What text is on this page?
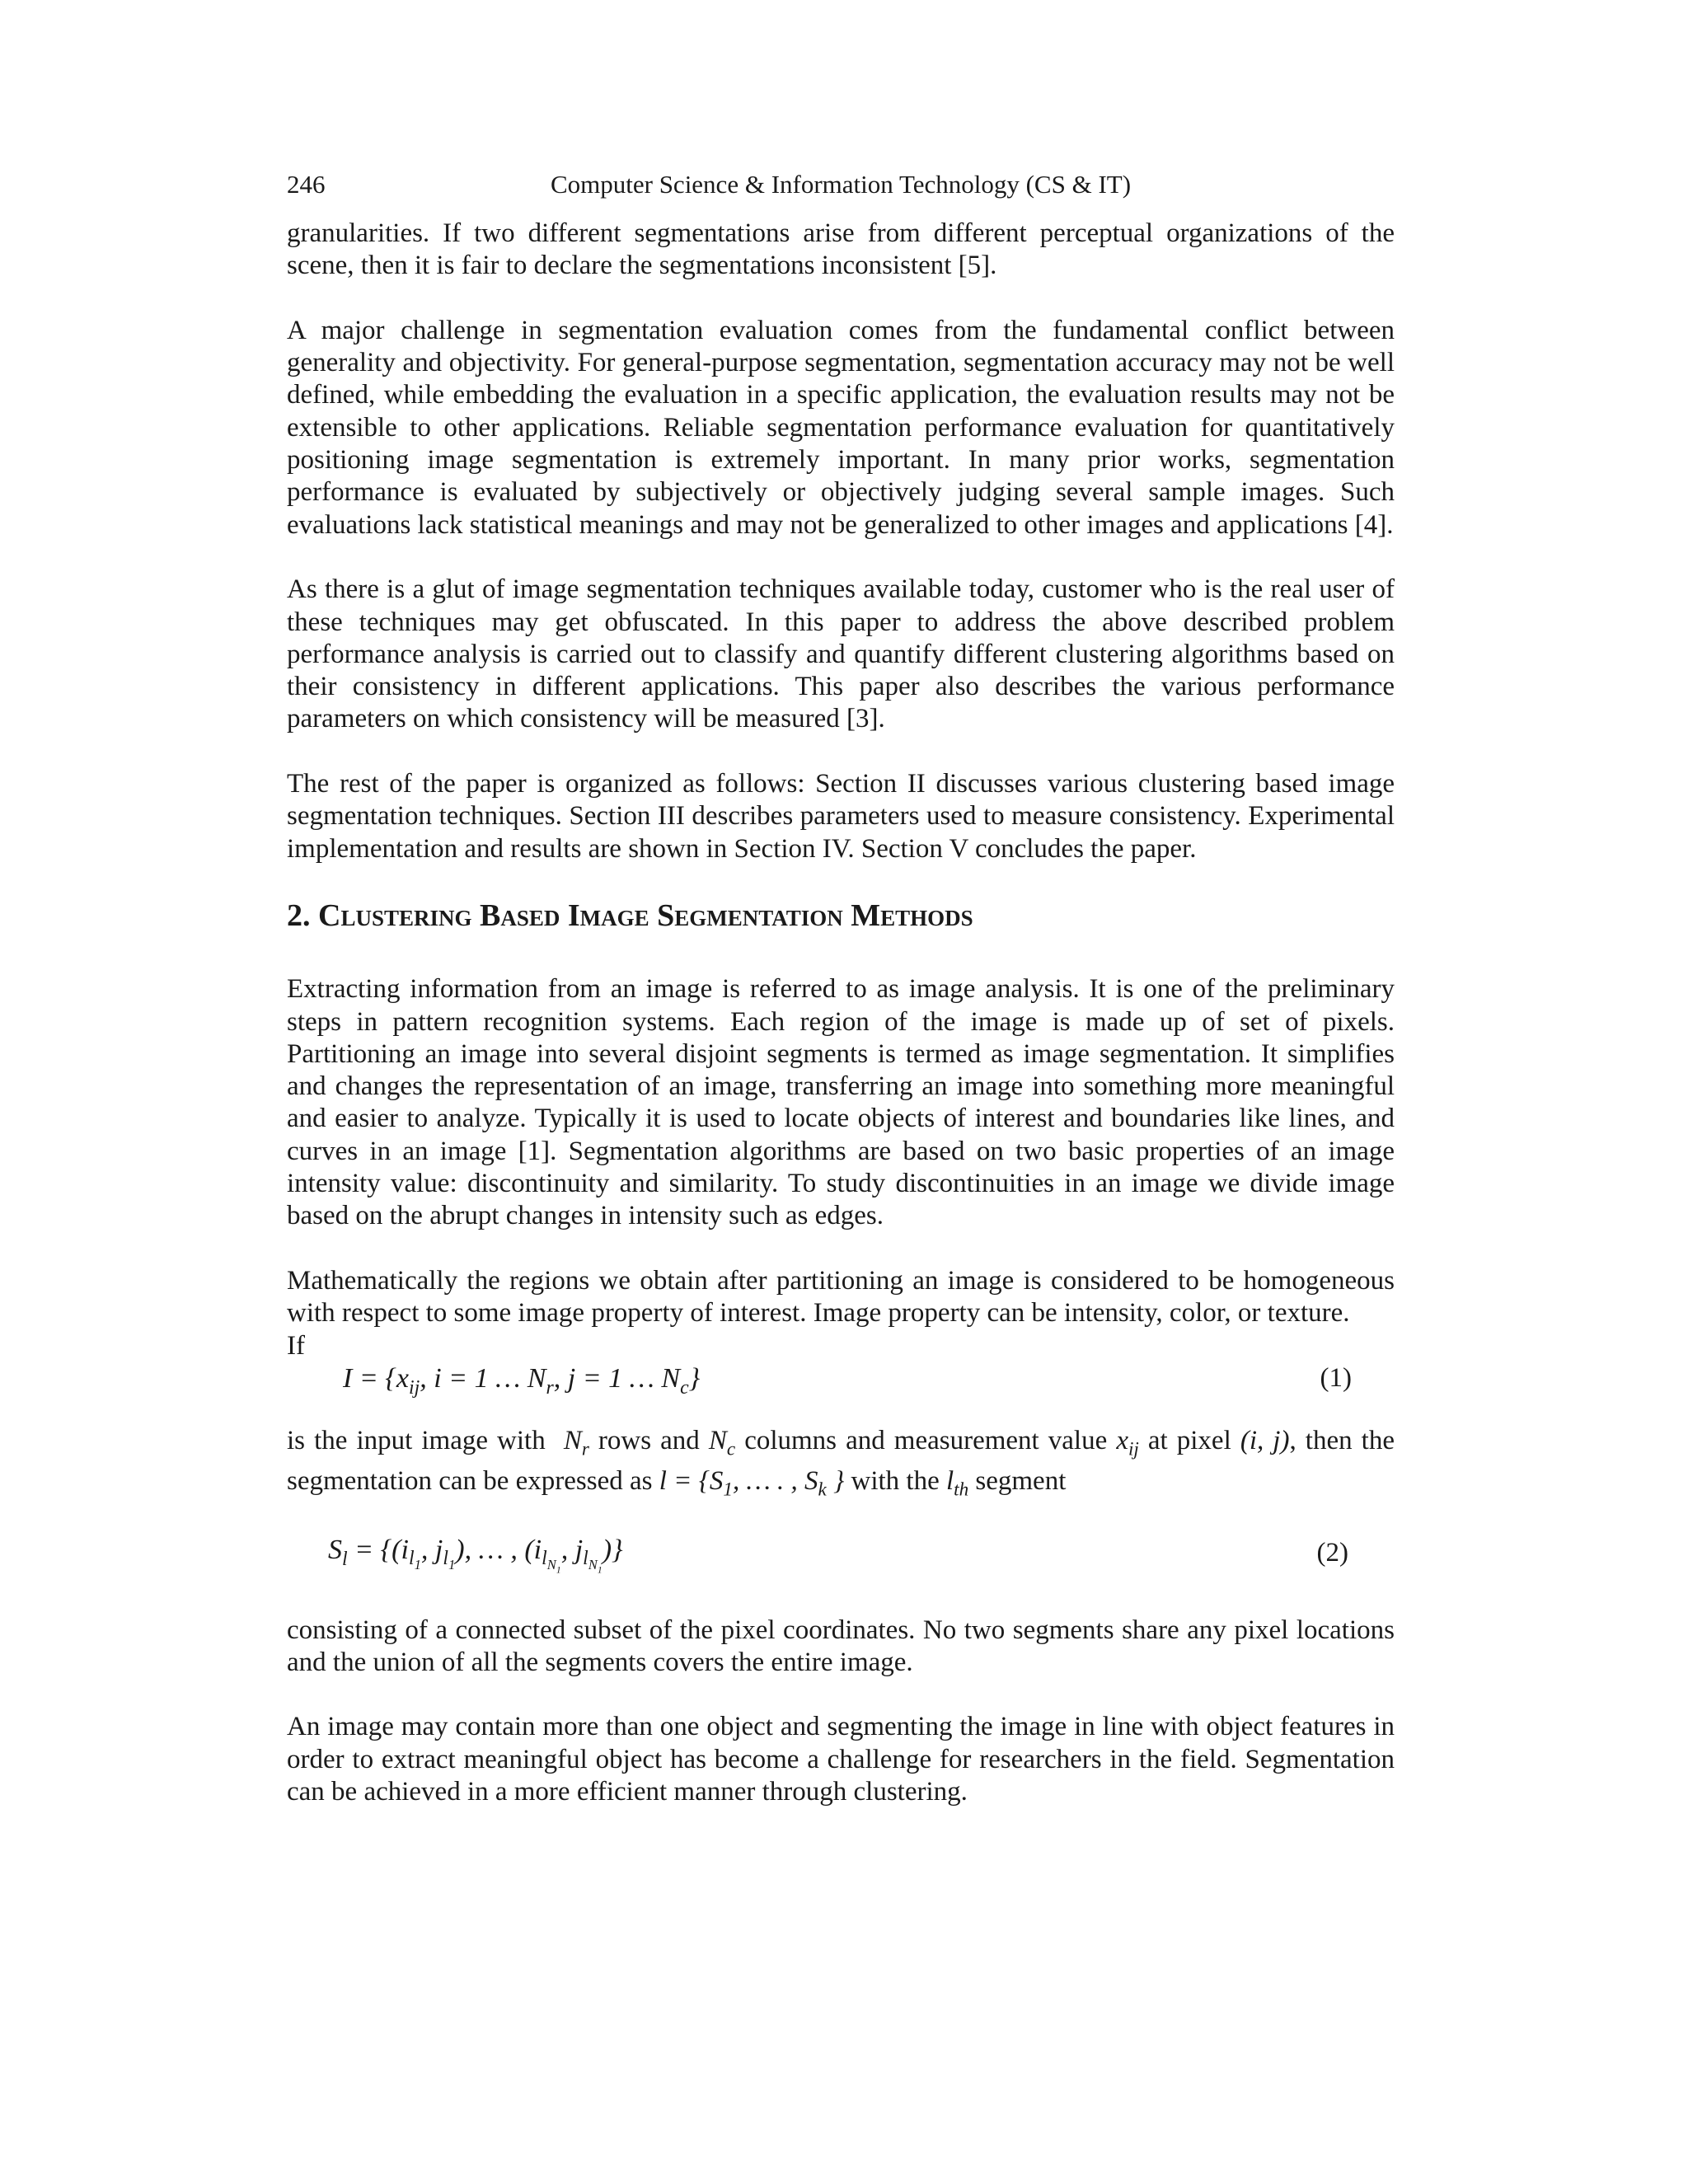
246	Computer Science & Information Technology (CS & IT)

granularities. If two different segmentations arise from different perceptual organizations of the scene, then it is fair to declare the segmentations inconsistent [5].

A major challenge in segmentation evaluation comes from the fundamental conflict between generality and objectivity. For general-purpose segmentation, segmentation accuracy may not be well defined, while embedding the evaluation in a specific application, the evaluation results may not be extensible to other applications. Reliable segmentation performance evaluation for quantitatively positioning image segmentation is extremely important. In many prior works, segmentation performance is evaluated by subjectively or objectively judging several sample images. Such evaluations lack statistical meanings and may not be generalized to other images and applications [4].

As there is a glut of image segmentation techniques available today, customer who is the real user of these techniques may get obfuscated. In this paper to address the above described problem performance analysis is carried out to classify and quantify different clustering algorithms based on their consistency in different applications. This paper also describes the various performance parameters on which consistency will be measured [3].

The rest of the paper is organized as follows: Section II discusses various clustering based image segmentation techniques. Section III describes parameters used to measure consistency. Experimental implementation and results are shown in Section IV. Section V concludes the paper.

2. Clustering Based Image Segmentation Methods

Extracting information from an image is referred to as image analysis. It is one of the preliminary steps in pattern recognition systems. Each region of the image is made up of set of pixels. Partitioning an image into several disjoint segments is termed as image segmentation. It simplifies and changes the representation of an image, transferring an image into something more meaningful and easier to analyze. Typically it is used to locate objects of interest and boundaries like lines, and curves in an image [1]. Segmentation algorithms are based on two basic properties of an image intensity value: discontinuity and similarity. To study discontinuities in an image we divide image based on the abrupt changes in intensity such as edges.

Mathematically the regions we obtain after partitioning an image is considered to be homogeneous with respect to some image property of interest. Image property can be intensity, color, or texture.

If

$I = \{x_{ij}$, i = 1 … $N_r$, j = 1 … $N_c$}	(1)

is the input image with $N_r$ rows and $N_c$ columns and measurement value $x_{ij}$ at pixel (i, j), then the segmentation can be expressed as $l = \{S_1$, … . , $S_k$ } with the $l_{th}$ segment

$S_l = \{(i_{l_1}$, $j_{l_1}$), … , ($i_{l_{N_1}}$, $j_{l_{N_1}}$)}	(2)

consisting of a connected subset of the pixel coordinates. No two segments share any pixel locations and the union of all the segments covers the entire image.

An image may contain more than one object and segmenting the image in line with object features in order to extract meaningful object has become a challenge for researchers in the field. Segmentation can be achieved in a more efficient manner through clustering.
